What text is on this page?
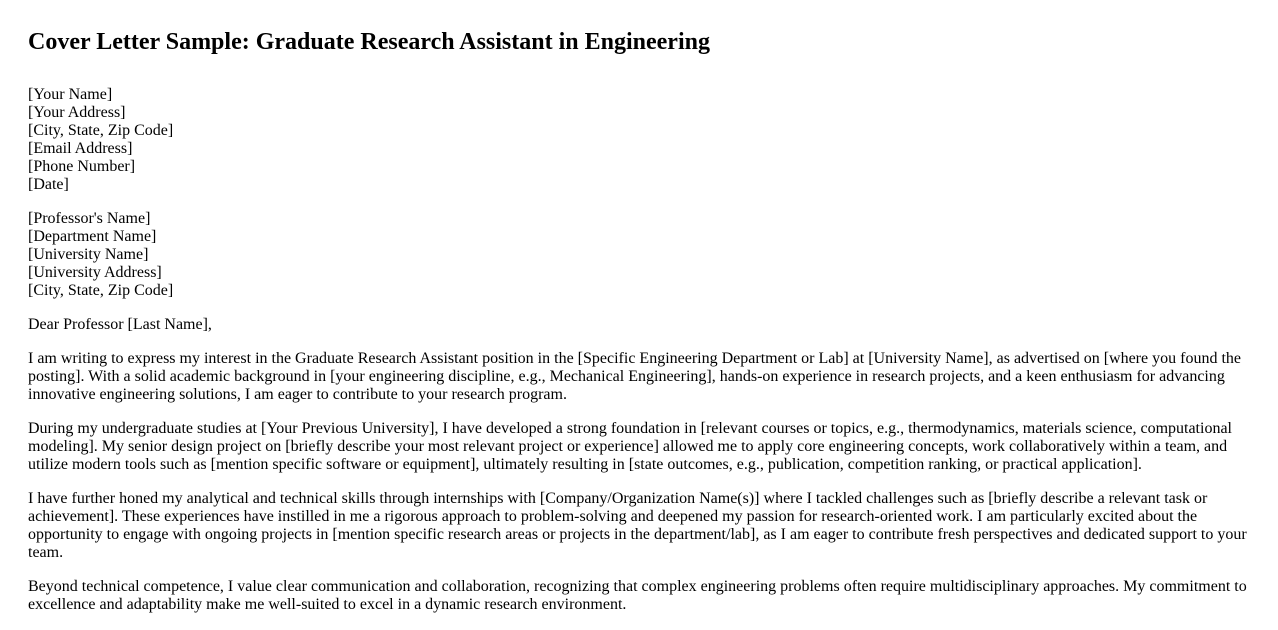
Cover Letter Sample: Graduate Research Assistant in Engineering
[Your Name]
[Your Address]
[City, State, Zip Code]
[Email Address]
[Phone Number]
[Date]
[Professor's Name]
[Department Name]
[University Name]
[University Address]
[City, State, Zip Code]

Dear Professor [Last Name],

I am writing to express my interest in the Graduate Research Assistant position in the [Specific Engineering Department or Lab] at [University Name], as advertised on [where you found the posting]. With a solid academic background in [your engineering discipline, e.g., Mechanical Engineering], hands-on experience in research projects, and a keen enthusiasm for advancing innovative engineering solutions, I am eager to contribute to your research program.

During my undergraduate studies at [Your Previous University], I have developed a strong foundation in [relevant courses or topics, e.g., thermodynamics, materials science, computational modeling]. My senior design project on [briefly describe your most relevant project or experience] allowed me to apply core engineering concepts, work collaboratively within a team, and utilize modern tools such as [mention specific software or equipment], ultimately resulting in [state outcomes, e.g., publication, competition ranking, or practical application].

I have further honed my analytical and technical skills through internships with [Company/Organization Name(s)] where I tackled challenges such as [briefly describe a relevant task or achievement]. These experiences have instilled in me a rigorous approach to problem-solving and deepened my passion for research-oriented work. I am particularly excited about the opportunity to engage with ongoing projects in [mention specific research areas or projects in the department/lab], as I am eager to contribute fresh perspectives and dedicated support to your team.

Beyond technical competence, I value clear communication and collaboration, recognizing that complex engineering problems often require multidisciplinary approaches. My commitment to excellence and adaptability make me well-suited to excel in a dynamic research environment.
